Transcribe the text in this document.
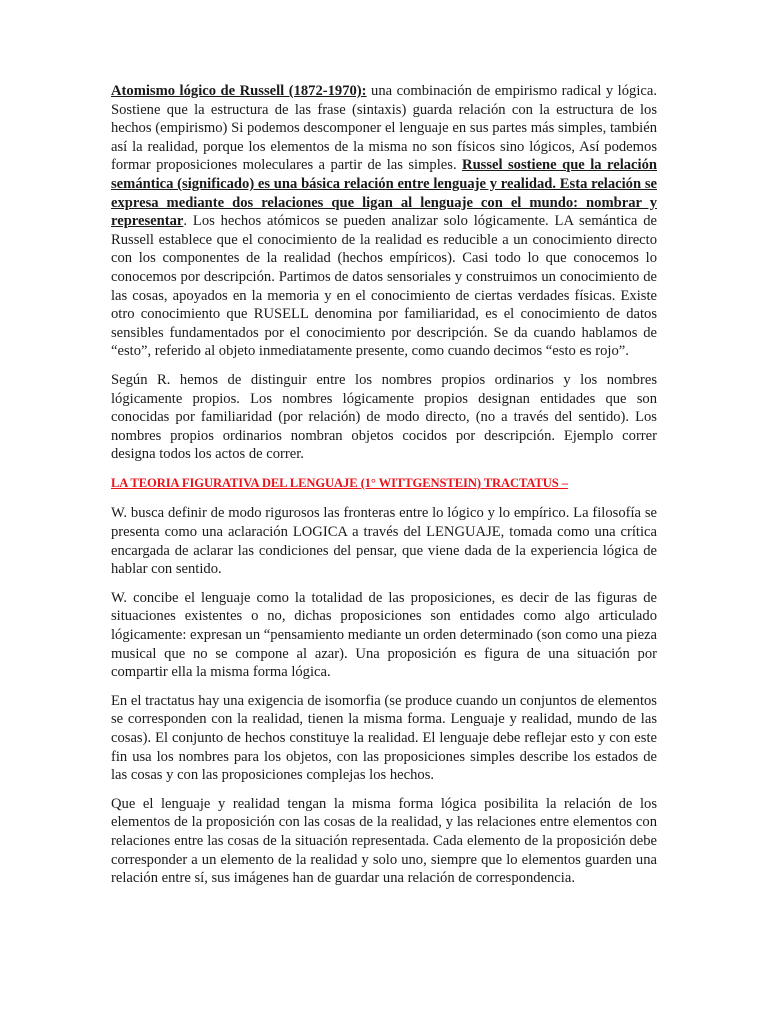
Atomismo lógico de Russell (1872-1970): una combinación de empirismo radical y lógica. Sostiene que la estructura de las frase (sintaxis) guarda relación con la estructura de los hechos (empirismo) Si podemos descomponer el lenguaje en sus partes más simples, también así la realidad, porque los elementos de la misma no son físicos sino lógicos, Así podemos formar proposiciones moleculares a partir de las simples. Russel sostiene que la relación semántica (significado) es una básica relación entre lenguaje y realidad. Esta relación se expresa mediante dos relaciones que ligan al lenguaje con el mundo: nombrar y representar. Los hechos atómicos se pueden analizar solo lógicamente. LA semántica de Russell establece que el conocimiento de la realidad es reducible a un conocimiento directo con los componentes de la realidad (hechos empíricos). Casi todo lo que conocemos lo conocemos por descripción. Partimos de datos sensoriales y construimos un conocimiento de las cosas, apoyados en la memoria y en el conocimiento de ciertas verdades físicas. Existe otro conocimiento que RUSELL denomina por familiaridad, es el conocimiento de datos sensibles fundamentados por el conocimiento por descripción. Se da cuando hablamos de “esto”, referido al objeto inmediatamente presente, como cuando decimos “esto es rojo”.

Según R. hemos de distinguir entre los nombres propios ordinarios y los nombres lógicamente propios. Los nombres lógicamente propios designan entidades que son conocidas por familiaridad (por relación) de modo directo, (no a través del sentido). Los nombres propios ordinarios nombran objetos cocidos por descripción. Ejemplo correr designa todos los actos de correr.

LA TEORIA FIGURATIVA DEL LENGUAJE (1° WITTGENSTEIN) TRACTATUS –

W. busca definir de modo rigurosos las fronteras entre lo lógico y lo empírico. La filosofía se presenta como una aclaración LOGICA a través del LENGUAJE, tomada como una crítica encargada de aclarar las condiciones del pensar, que viene dada de la experiencia lógica de hablar con sentido.

W. concibe el lenguaje como la totalidad de las proposiciones, es decir de las figuras de situaciones existentes o no, dichas proposiciones son entidades como algo articulado lógicamente: expresan un “pensamiento mediante un orden determinado (son como una pieza musical que no se compone al azar). Una proposición es figura de una situación por compartir ella la misma forma lógica.

En el tractatus hay una exigencia de isomorfia (se produce cuando un conjuntos de elementos se corresponden con la realidad, tienen la misma forma. Lenguaje y realidad, mundo de las cosas). El conjunto de hechos constituye la realidad. El lenguaje debe reflejar esto y con este fin usa los nombres para los objetos, con las proposiciones simples describe los estados de las cosas y con las proposiciones complejas los hechos.

Que el lenguaje y realidad tengan la misma forma lógica posibilita la relación de los elementos de la proposición con las cosas de la realidad, y las relaciones entre elementos con relaciones entre las cosas de la situación representada. Cada elemento de la proposición debe corresponder a un elemento de la realidad y solo uno, siempre que lo elementos guarden una relación entre sí, sus imágenes han de guardar una relación de correspondencia.
